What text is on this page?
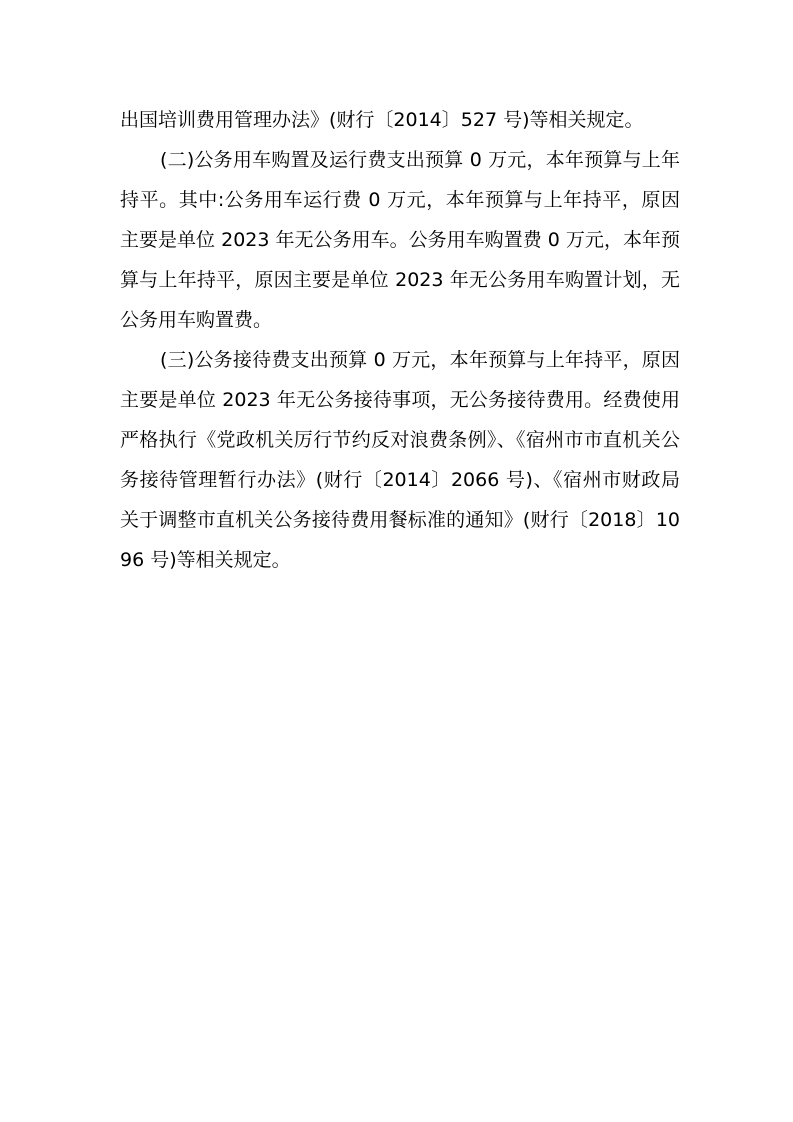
出国培训费用管理办法》(财行〔2014〕527 号)等相关规定。

(二)公务用车购置及运行费支出预算 0 万元，本年预算与上年持平。其中:公务用车运行费 0 万元，本年预算与上年持平，原因主要是单位 2023 年无公务用车。公务用车购置费 0 万元，本年预算与上年持平，原因主要是单位 2023 年无公务用车购置计划，无公务用车购置费。

(三)公务接待费支出预算 0 万元，本年预算与上年持平，原因主要是单位 2023 年无公务接待事项，无公务接待费用。经费使用严格执行《党政机关厉行节约反对浪费条例》、《宿州市市直机关公务接待管理暂行办法》(财行〔2014〕2066 号)、《宿州市财政局关于调整市直机关公务接待费用餐标准的通知》(财行〔2018〕1096 号)等相关规定。
